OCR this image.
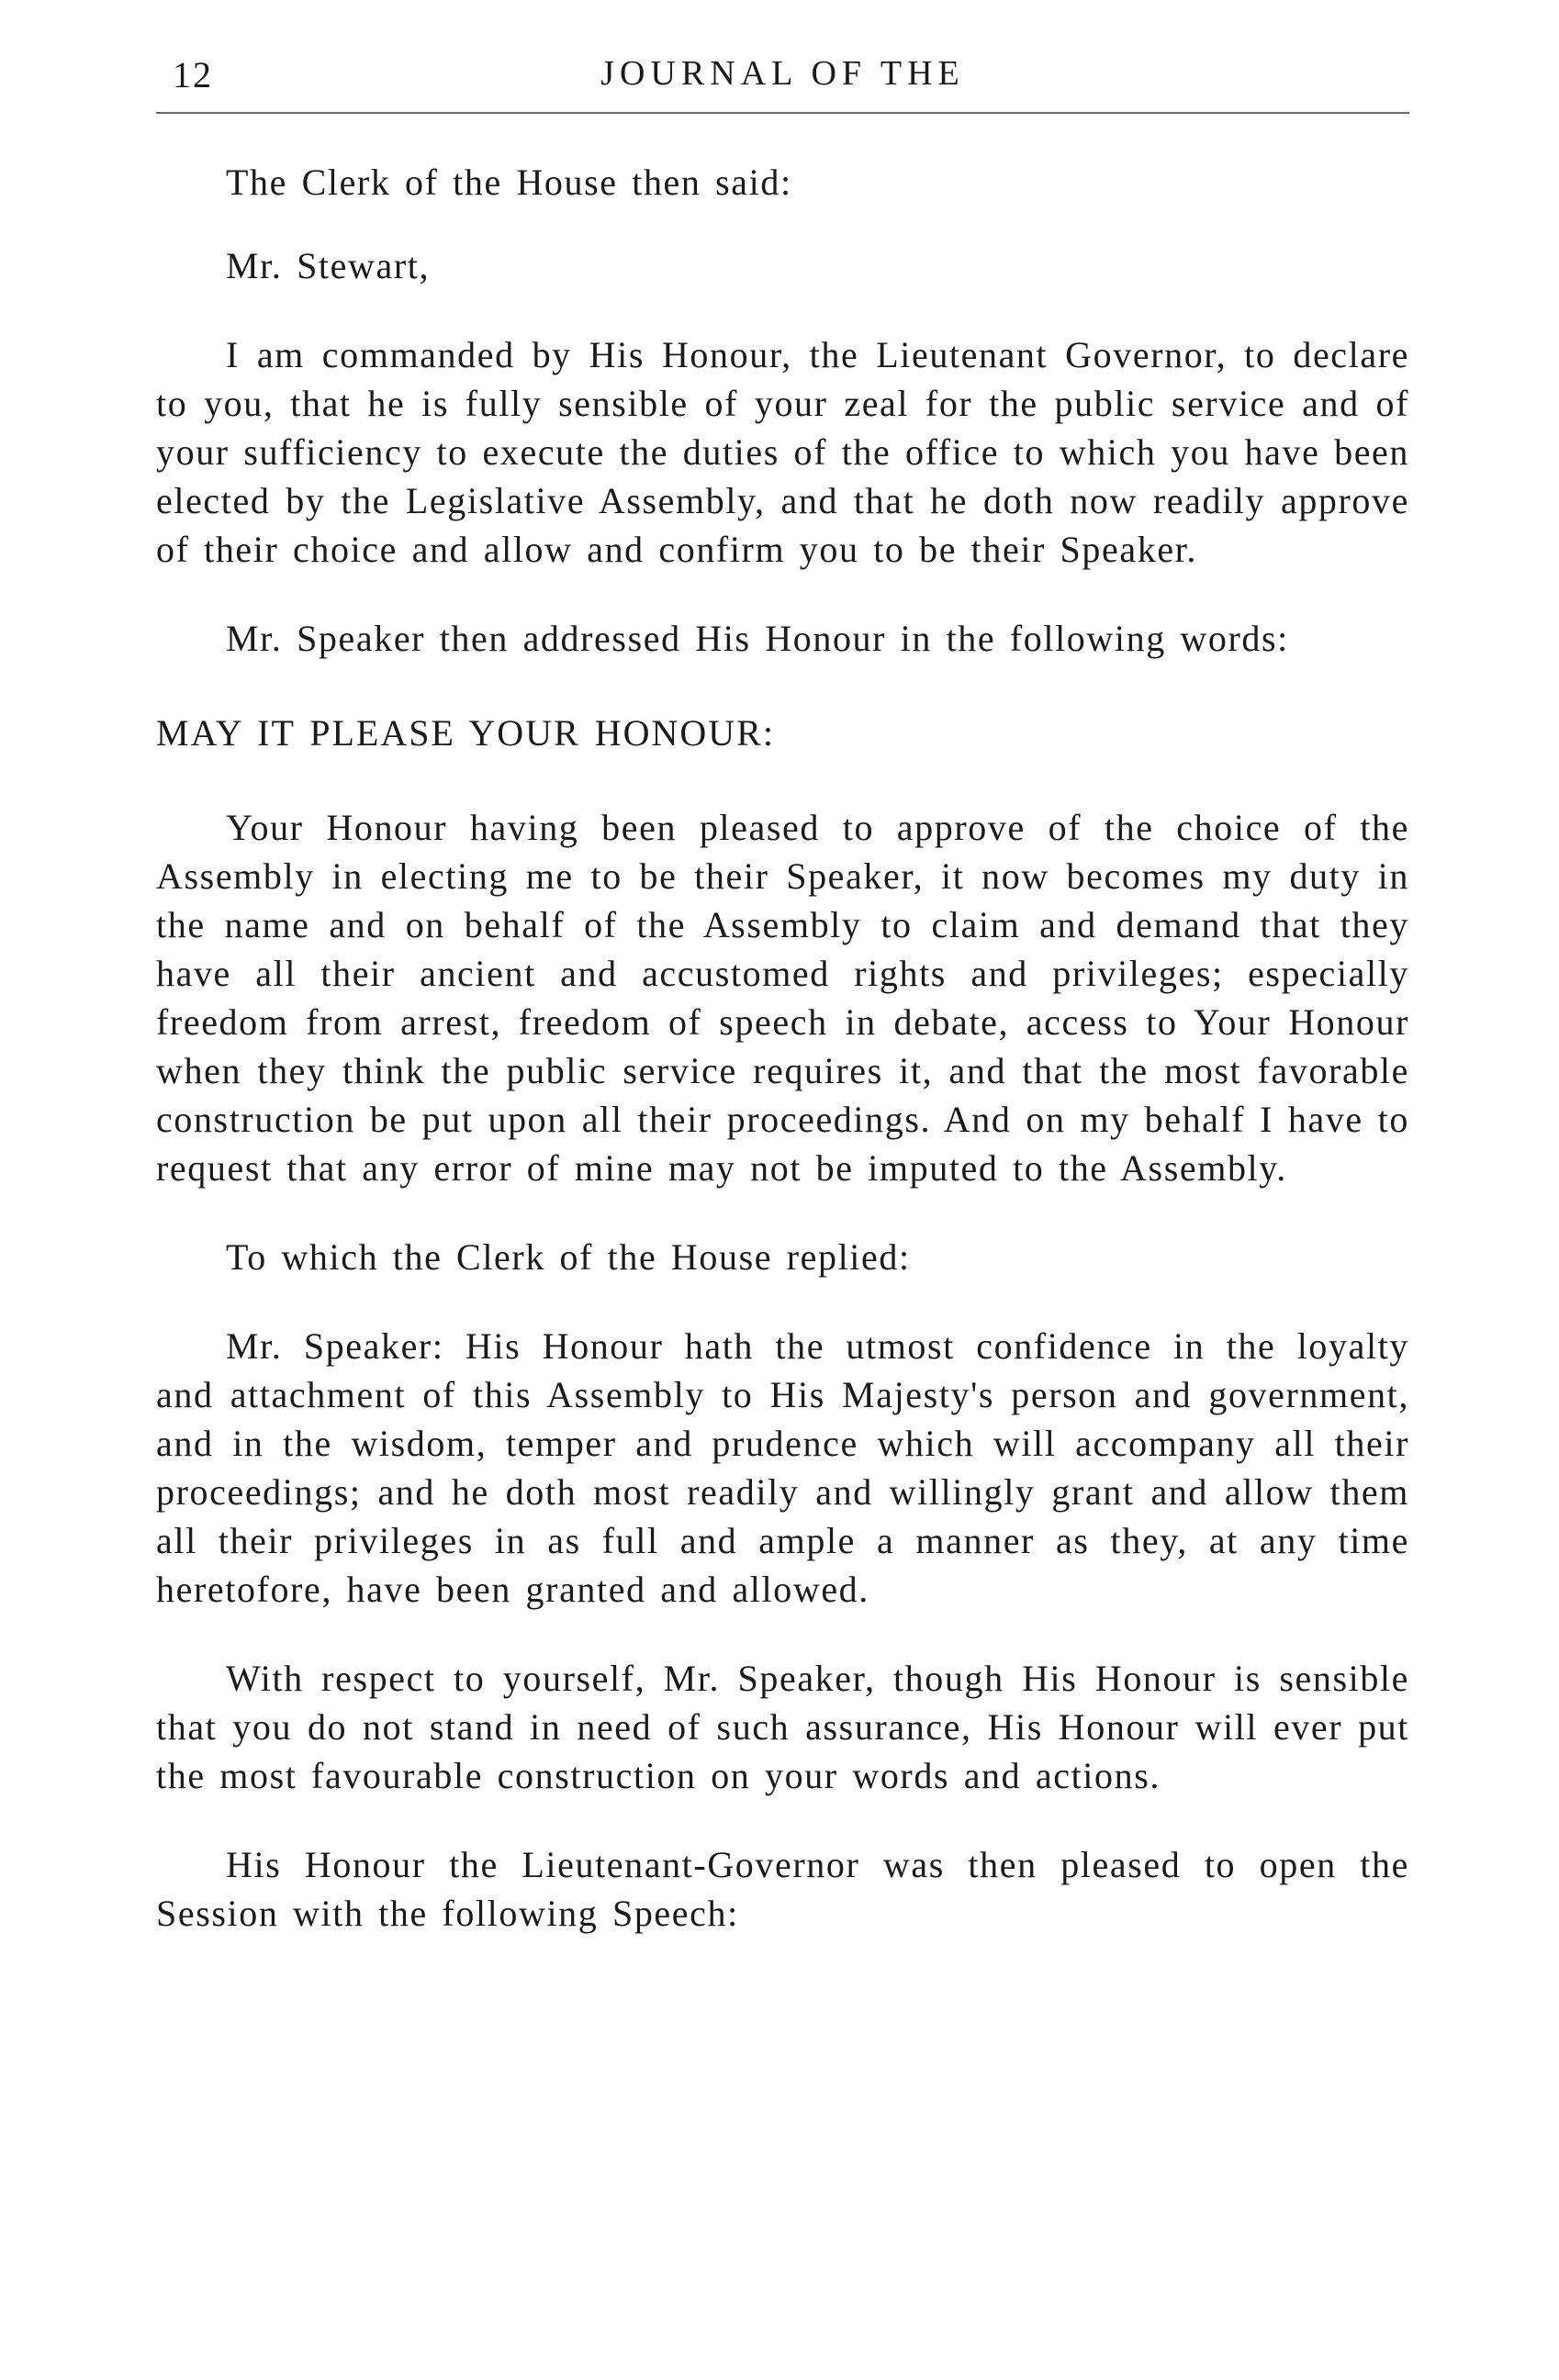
12	JOURNAL OF THE

The Clerk of the House then said:

Mr. Stewart,

I am commanded by His Honour, the Lieutenant Governor, to declare to you, that he is fully sensible of your zeal for the public service and of your sufficiency to execute the duties of the office to which you have been elected by the Legislative Assembly, and that he doth now readily approve of their choice and allow and confirm you to be their Speaker.

Mr. Speaker then addressed His Honour in the following words:

MAY IT PLEASE YOUR HONOUR:

Your Honour having been pleased to approve of the choice of the Assembly in electing me to be their Speaker, it now becomes my duty in the name and on behalf of the Assembly to claim and demand that they have all their ancient and accustomed rights and privileges; especially freedom from arrest, freedom of speech in debate, access to Your Honour when they think the public service requires it, and that the most favorable construction be put upon all their proceedings. And on my behalf I have to request that any error of mine may not be imputed to the Assembly.

To which the Clerk of the House replied:

Mr. Speaker: His Honour hath the utmost confidence in the loyalty and attachment of this Assembly to His Majesty's person and government, and in the wisdom, temper and prudence which will accompany all their proceedings; and he doth most readily and willingly grant and allow them all their privileges in as full and ample a manner as they, at any time heretofore, have been granted and allowed.

With respect to yourself, Mr. Speaker, though His Honour is sensible that you do not stand in need of such assurance, His Honour will ever put the most favourable construction on your words and actions.

His Honour the Lieutenant-Governor was then pleased to open the Session with the following Speech:
